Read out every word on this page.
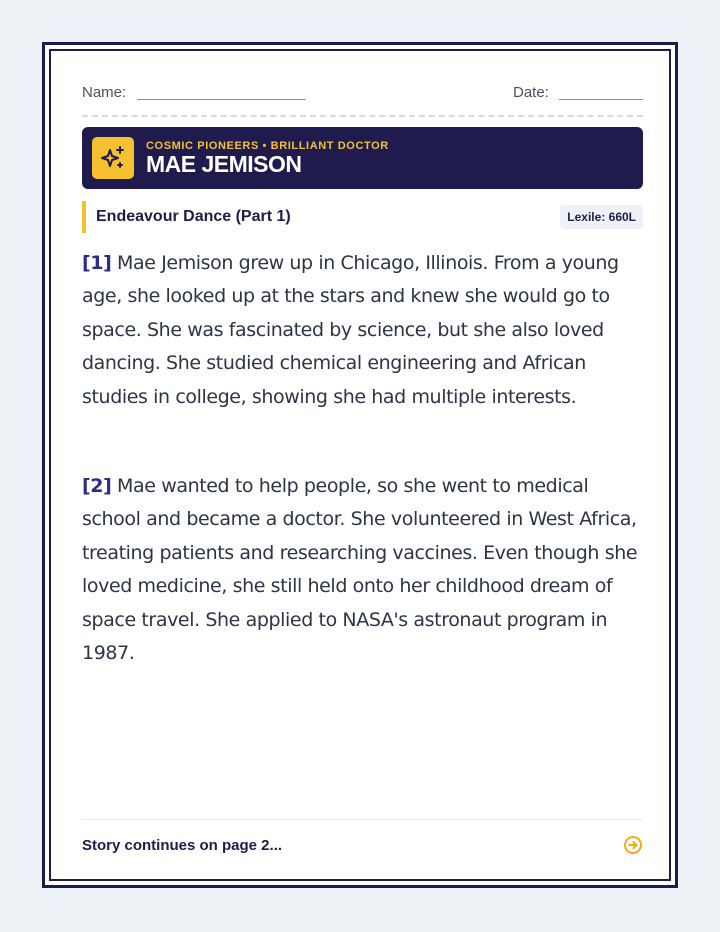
Name:	Date:
COSMIC PIONEERS • BRILLIANT DOCTOR
MAE JEMISON
Endeavour Dance (Part 1)	Lexile: 660L

[1] Mae Jemison grew up in Chicago, Illinois. From a young age, she looked up at the stars and knew she would go to space. She was fascinated by science, but she also loved dancing. She studied chemical engineering and African studies in college, showing she had multiple interests.

[2] Mae wanted to help people, so she went to medical school and became a doctor. She volunteered in West Africa, treating patients and researching vaccines. Even though she loved medicine, she still held onto her childhood dream of space travel. She applied to NASA's astronaut program in 1987.

Story continues on page 2...
